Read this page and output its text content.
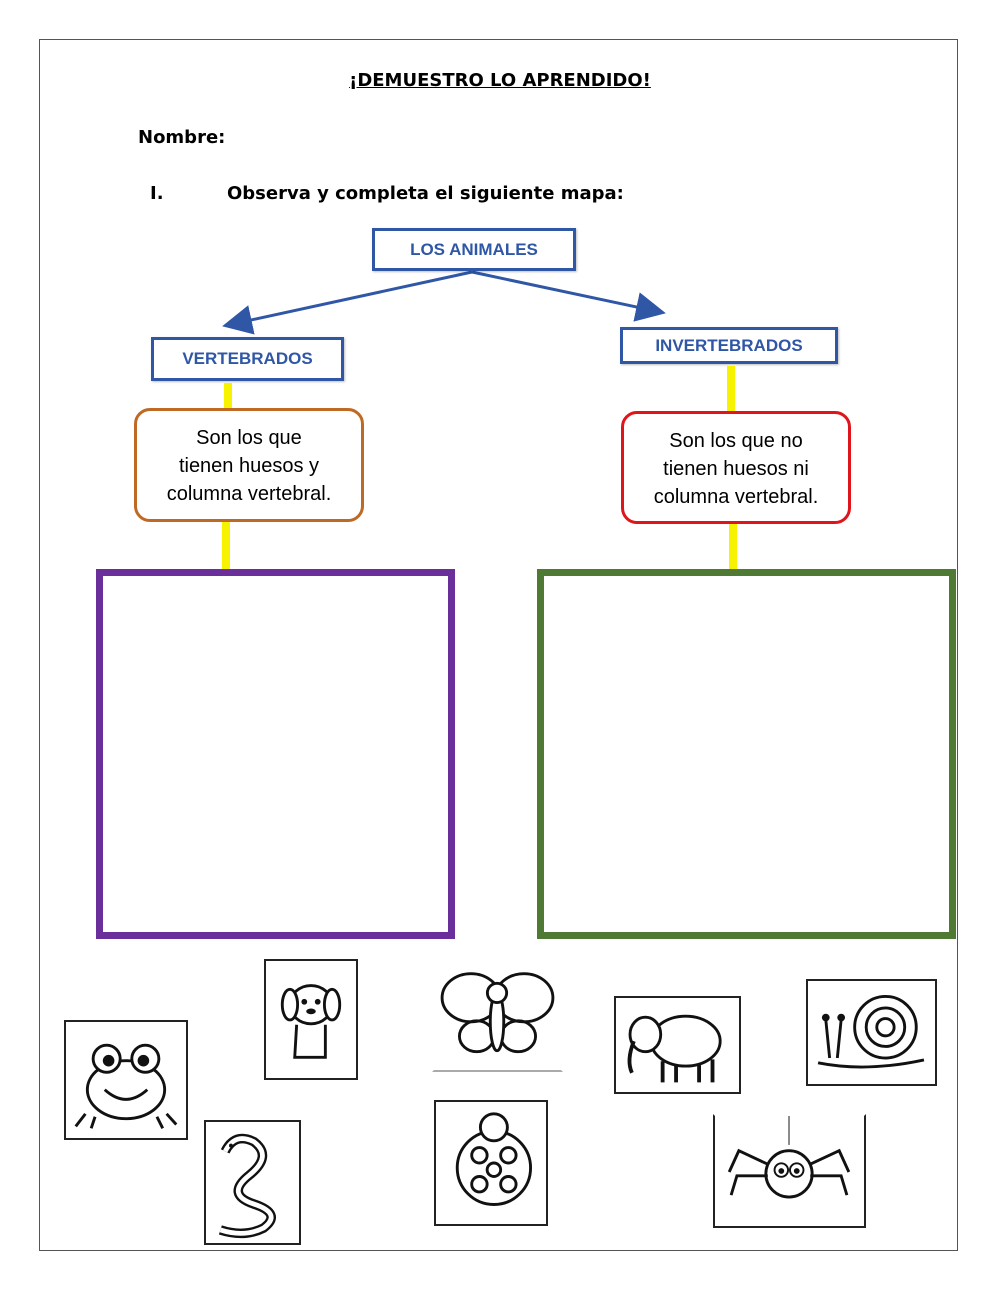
¡DEMUESTRO LO APRENDIDO!
Nombre:
I.	Observa y completa el siguiente mapa:
LOS ANIMALES
VERTEBRADOS
INVERTEBRADOS
Son los que
tienen huesos y
columna vertebral.
Son los que no
tienen huesos ni
columna vertebral.
